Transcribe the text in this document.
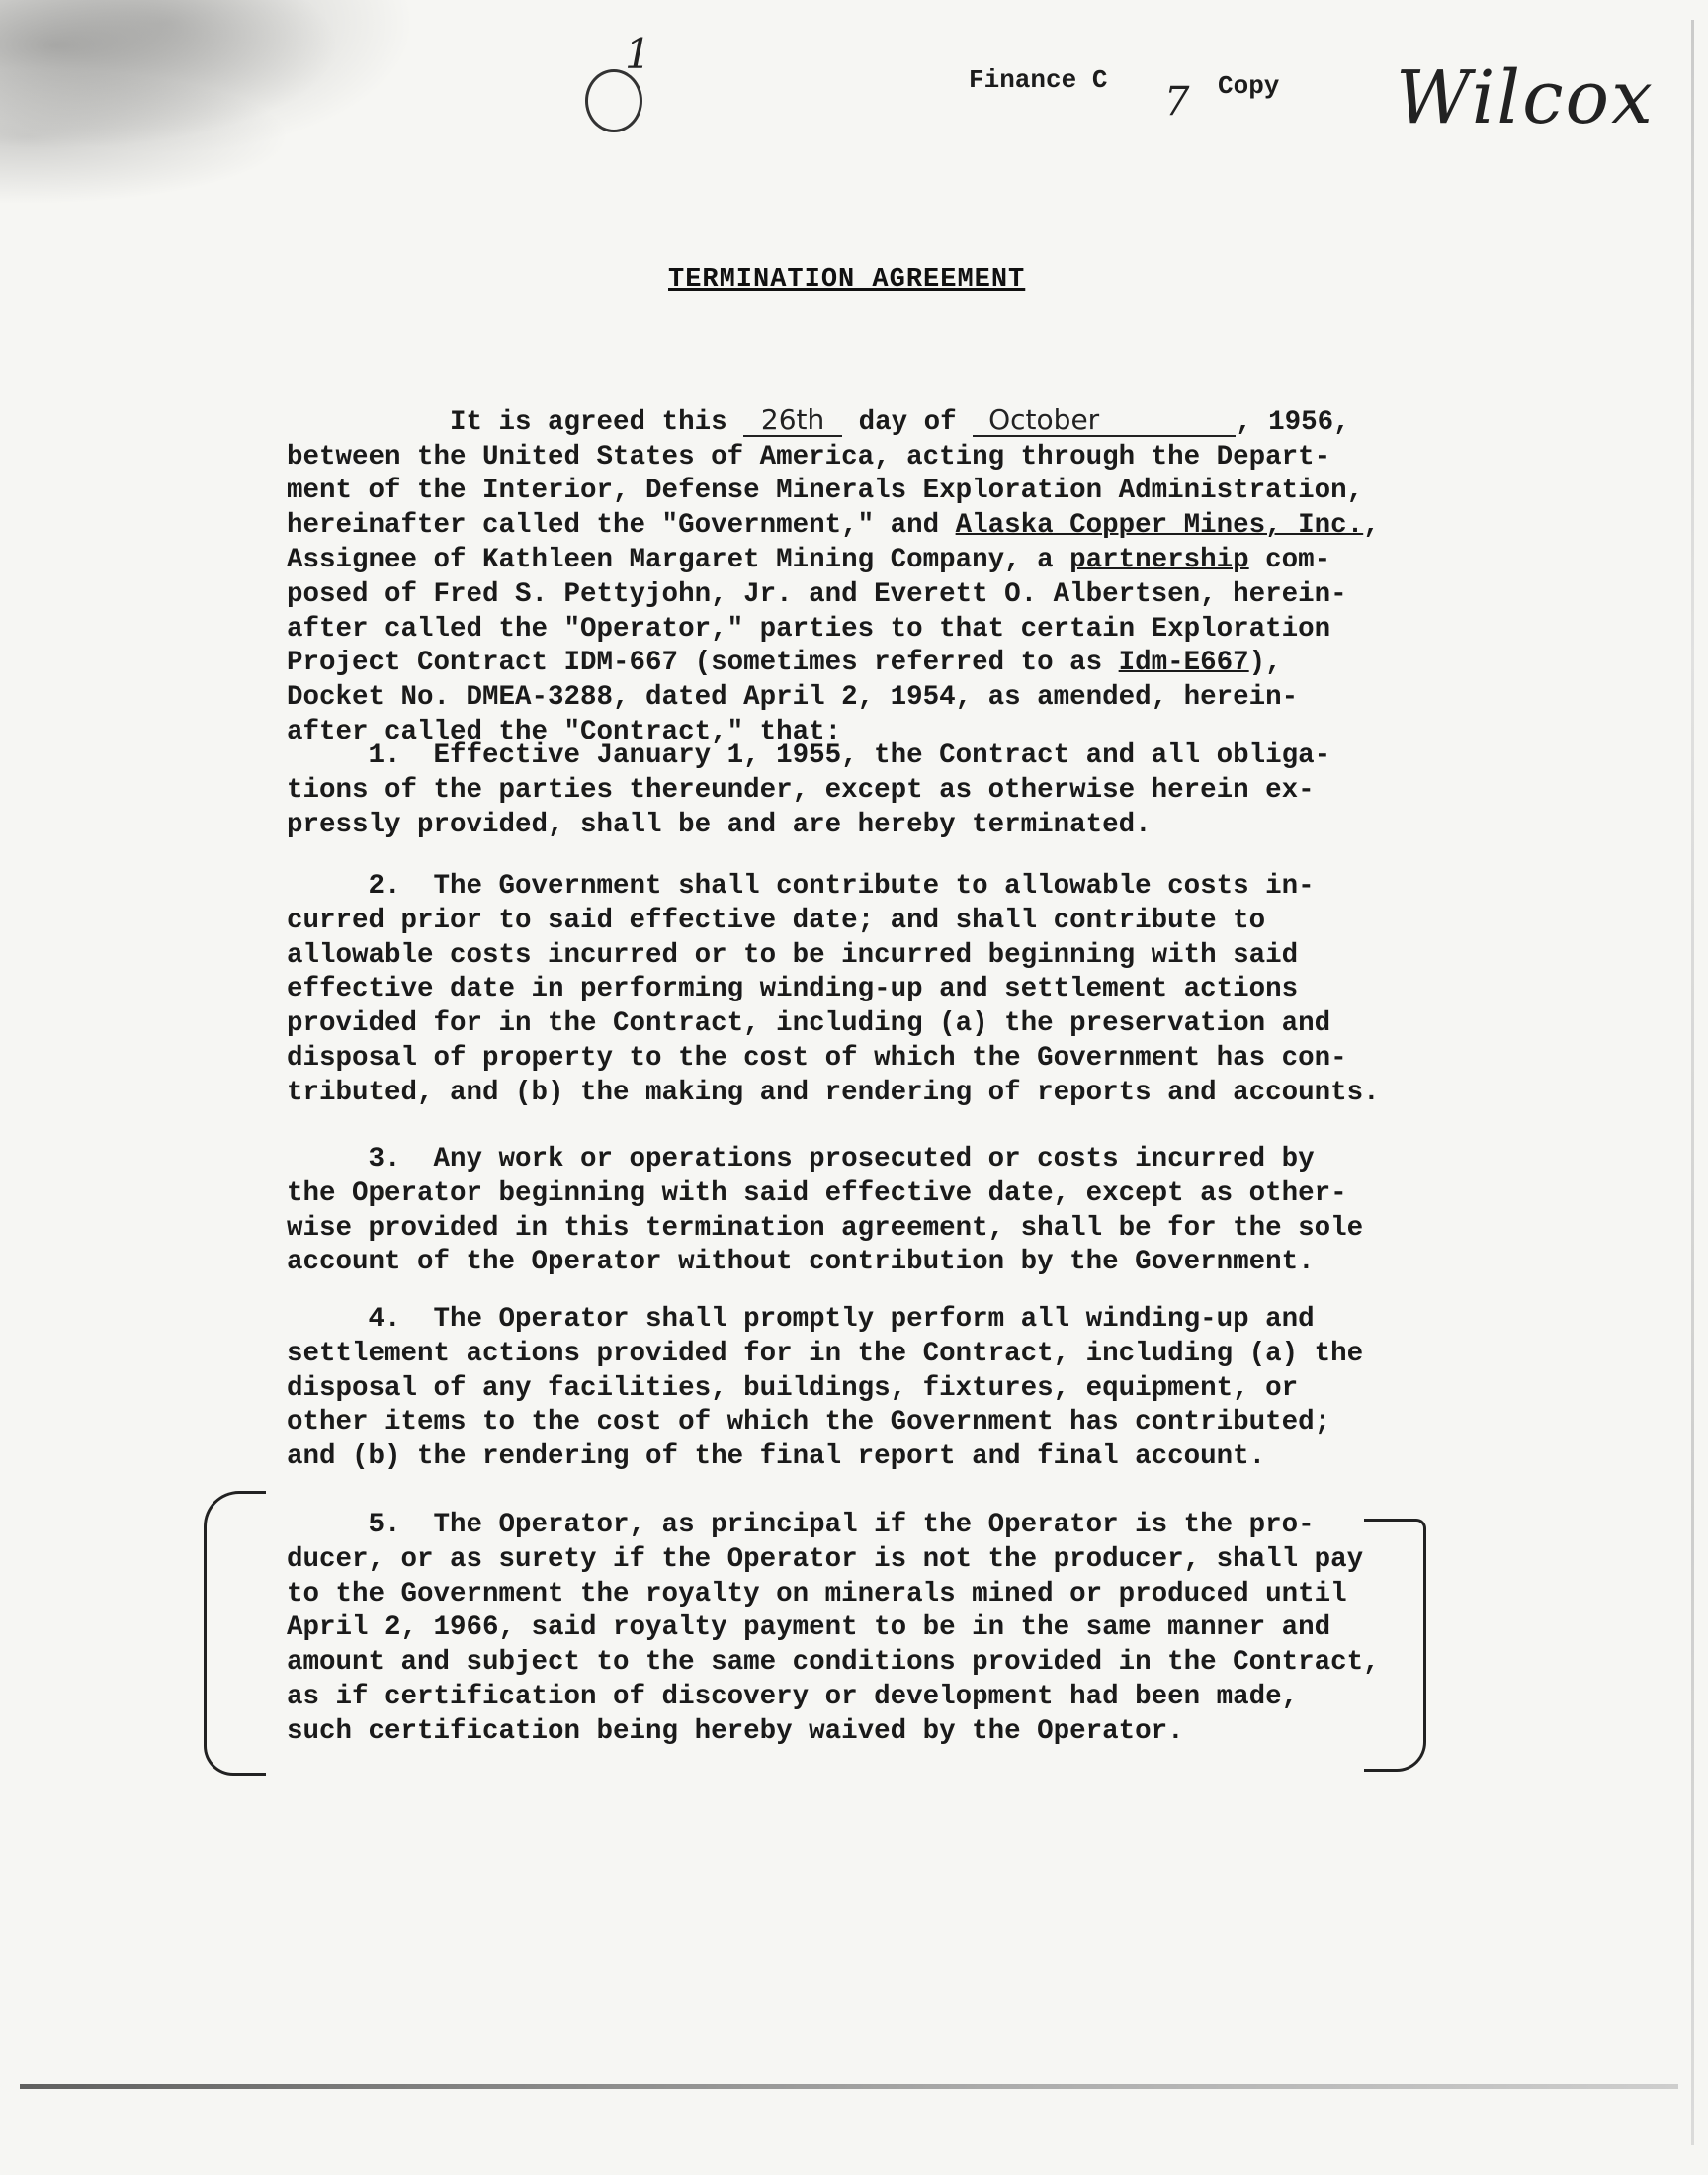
1
7	Wilcox
Finance C	Copy
TERMINATION AGREEMENT

It is agreed this 26th day of October	, 1956,
between the United States of America, acting through the Depart-
ment of the Interior, Defense Minerals Exploration Administration,
hereinafter called the "Government," and Alaska Copper Mines, Inc.,
Assignee of Kathleen Margaret Mining Company, a partnership com-
posed of Fred S. Pettyjohn, Jr. and Everett O. Albertsen, herein-
after called the "Operator," parties to that certain Exploration
Project Contract IDM-667 (sometimes referred to as Idm-E667),
Docket No. DMEA-3288, dated April 2, 1954, as amended, herein-
after called the "Contract," that:
1.  Effective January 1, 1955, the Contract and all obliga-
tions of the parties thereunder, except as otherwise herein ex-
pressly provided, shall be and are hereby terminated.
2.  The Government shall contribute to allowable costs in-
curred prior to said effective date; and shall contribute to
allowable costs incurred or to be incurred beginning with said
effective date in performing winding-up and settlement actions
provided for in the Contract, including (a) the preservation and
disposal of property to the cost of which the Government has con-
tributed, and (b) the making and rendering of reports and accounts.
3.  Any work or operations prosecuted or costs incurred by
the Operator beginning with said effective date, except as other-
wise provided in this termination agreement, shall be for the sole
account of the Operator without contribution by the Government.
4.  The Operator shall promptly perform all winding-up and
settlement actions provided for in the Contract, including (a) the
disposal of any facilities, buildings, fixtures, equipment, or
other items to the cost of which the Government has contributed;
and (b) the rendering of the final report and final account.
5.  The Operator, as principal if the Operator is the pro-
ducer, or as surety if the Operator is not the producer, shall pay
to the Government the royalty on minerals mined or produced until
April 2, 1966, said royalty payment to be in the same manner and
amount and subject to the same conditions provided in the Contract,
as if certification of discovery or development had been made,
such certification being hereby waived by the Operator.
